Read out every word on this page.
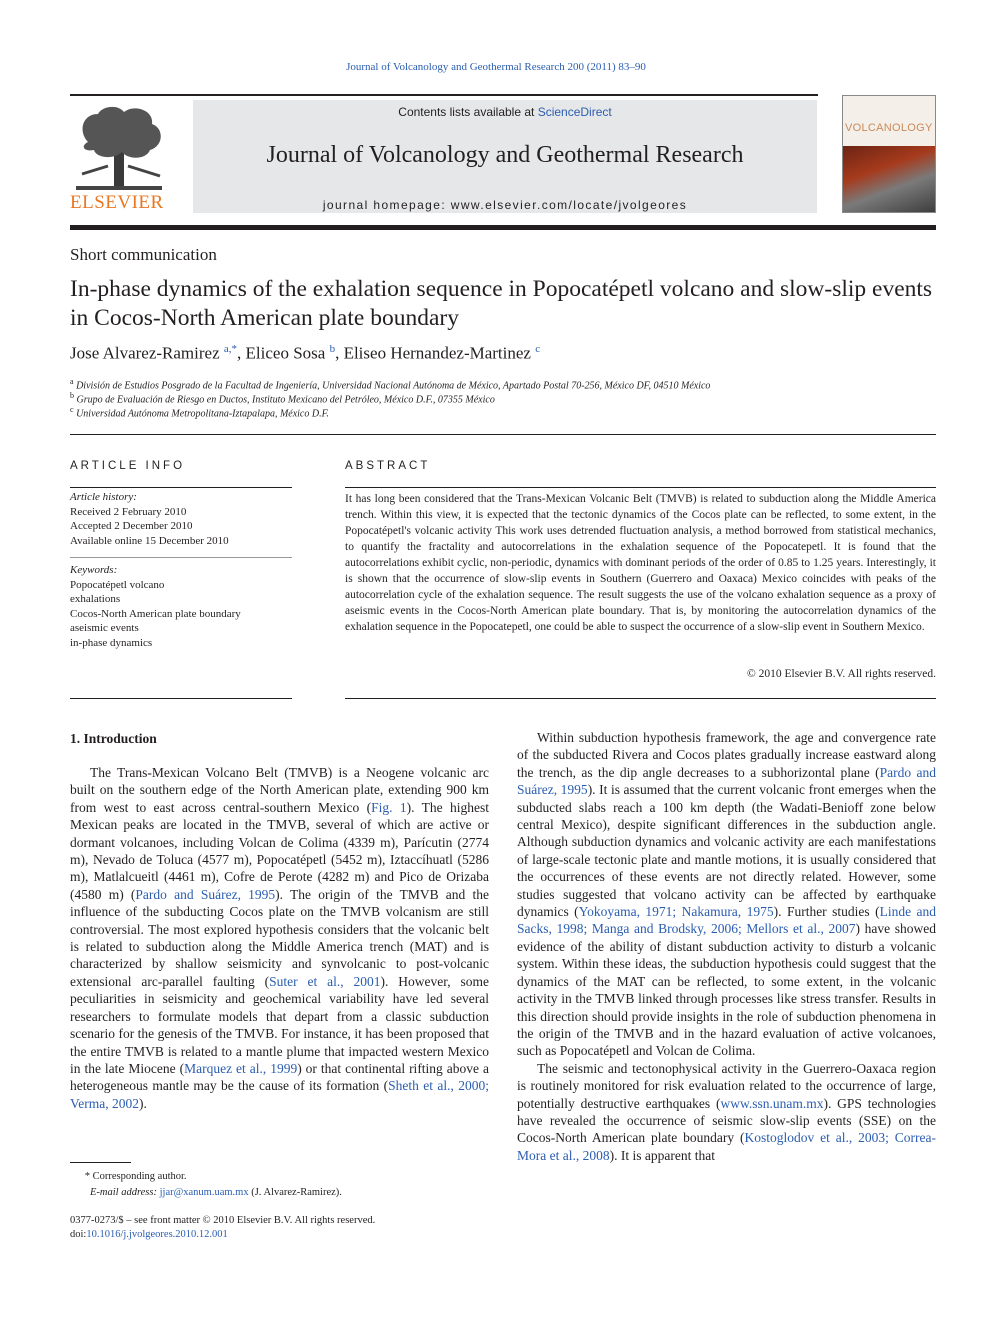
Journal of Volcanology and Geothermal Research 200 (2011) 83–90
ELSEVIER
Contents lists available at ScienceDirect
Journal of Volcanology and Geothermal Research
journal homepage: www.elsevier.com/locate/jvolgeores
VOLCANOLOGY
Short communication
In-phase dynamics of the exhalation sequence in Popocatépetl volcano and slow-slip events in Cocos-North American plate boundary
Jose Alvarez-Ramirez $^{a,*}$, Eliceo Sosa $^b$, Eliseo Hernandez-Martinez $^c$
$^a$ División de Estudios Posgrado de la Facultad de Ingeniería, Universidad Nacional Autónoma de México, Apartado Postal 70-256, México DF, 04510 México
$^b$ Grupo de Evaluación de Riesgo en Ductos, Instituto Mexicano del Petróleo, México D.F., 07355 México
$^c$ Universidad Autónoma Metropolitana-Iztapalapa, México D.F.
ARTICLE INFO
Article history:
Received 2 February 2010
Accepted 2 December 2010
Available online 15 December 2010
Keywords:
Popocatépetl volcano
exhalations
Cocos-North American plate boundary
aseismic events
in-phase dynamics
ABSTRACT
It has long been considered that the Trans-Mexican Volcanic Belt (TMVB) is related to subduction along the Middle America trench. Within this view, it is expected that the tectonic dynamics of the Cocos plate can be reflected, to some extent, in the Popocatépetl's volcanic activity This work uses detrended fluctuation analysis, a method borrowed from statistical mechanics, to quantify the fractality and autocorrelations in the exhalation sequence of the Popocatepetl. It is found that the autocorrelations exhibit cyclic, non-periodic, dynamics with dominant periods of the order of 0.85 to 1.25 years. Interestingly, it is shown that the occurrence of slow-slip events in Southern (Guerrero and Oaxaca) Mexico coincides with peaks of the autocorrelation cycle of the exhalation sequence. The result suggests the use of the volcano exhalation sequence as a proxy of aseismic events in the Cocos-North American plate boundary. That is, by monitoring the autocorrelation dynamics of the exhalation sequence in the Popocatepetl, one could be able to suspect the occurrence of a slow-slip event in Southern Mexico.
© 2010 Elsevier B.V. All rights reserved.
1. Introduction

The Trans-Mexican Volcano Belt (TMVB) is a Neogene volcanic arc built on the southern edge of the North American plate, extending 900 km from west to east across central-southern Mexico (Fig. 1). The highest Mexican peaks are located in the TMVB, several of which are active or dormant volcanoes, including Volcan de Colima (4339 m), Parícutin (2774 m), Nevado de Toluca (4577 m), Popocatépetl (5452 m), Iztaccíhuatl (5286 m), Matlalcueitl (4461 m), Cofre de Perote (4282 m) and Pico de Orizaba (4580 m) (Pardo and Suárez, 1995). The origin of the TMVB and the influence of the subducting Cocos plate on the TMVB volcanism are still controversial. The most explored hypothesis considers that the volcanic belt is related to subduction along the Middle America trench (MAT) and is characterized by shallow seismicity and synvolcanic to post-volcanic extensional arc-parallel faulting (Suter et al., 2001). However, some peculiarities in seismicity and geochemical variability have led several researchers to formulate models that depart from a classic subduction scenario for the genesis of the TMVB. For instance, it has been proposed that the entire TMVB is related to a mantle plume that impacted western Mexico in the late Miocene (Marquez et al., 1999) or that continental rifting above a heterogeneous mantle may be the cause of its formation (Sheth et al., 2000; Verma, 2002).

Within subduction hypothesis framework, the age and convergence rate of the subducted Rivera and Cocos plates gradually increase eastward along the trench, as the dip angle decreases to a subhorizontal plane (Pardo and Suárez, 1995). It is assumed that the current volcanic front emerges when the subducted slabs reach a 100 km depth (the Wadati-Benioff zone below central Mexico), despite significant differences in the subduction angle. Although subduction dynamics and volcanic activity are each manifestations of large-scale tectonic plate and mantle motions, it is usually considered that the occurrences of these events are not directly related. However, some studies suggested that volcano activity can be affected by earthquake dynamics (Yokoyama, 1971; Nakamura, 1975). Further studies (Linde and Sacks, 1998; Manga and Brodsky, 2006; Mellors et al., 2007) have showed evidence of the ability of distant subduction activity to disturb a volcanic system. Within these ideas, the subduction hypothesis could suggest that the dynamics of the MAT can be reflected, to some extent, in the volcanic activity in the TMVB linked through processes like stress transfer. Results in this direction should provide insights in the role of subduction phenomena in the origin of the TMVB and in the hazard evaluation of active volcanoes, such as Popocatépetl and Volcan de Colima.

The seismic and tectonophysical activity in the Guerrero-Oaxaca region is routinely monitored for risk evaluation related to the occurrence of large, potentially destructive earthquakes (www.ssn.unam.mx). GPS technologies have revealed the occurrence of seismic slow-slip events (SSE) on the Cocos-North American plate boundary (Kostoglodov et al., 2003; Correa-Mora et al., 2008). It is apparent that

* Corresponding author.
E-mail address: jjar@xanum.uam.mx (J. Alvarez-Ramirez).
0377-0273/$ – see front matter © 2010 Elsevier B.V. All rights reserved.
doi:10.1016/j.jvolgeores.2010.12.001
